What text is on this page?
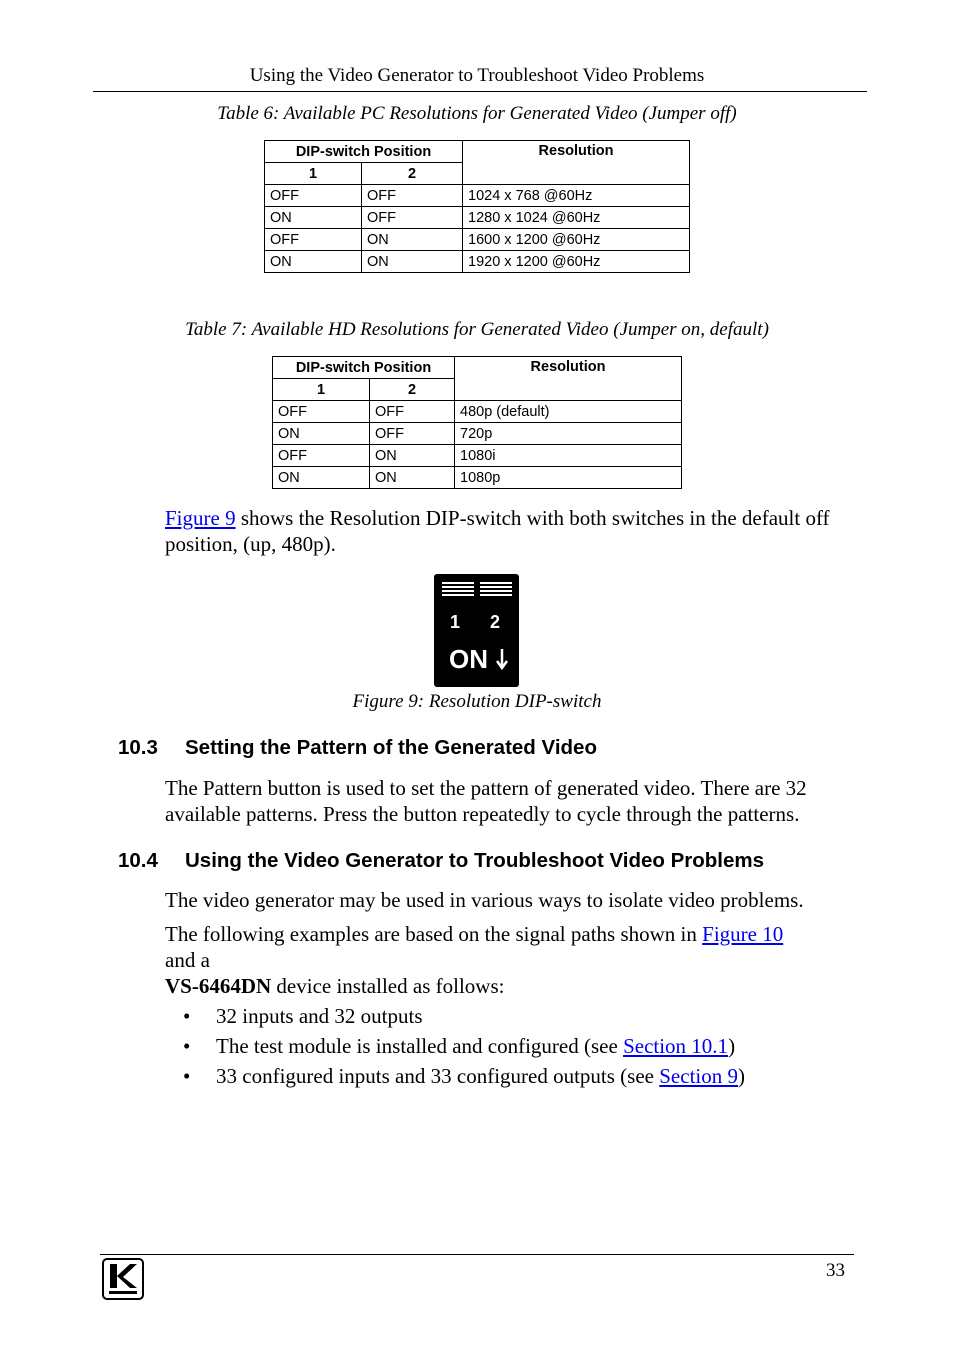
Using the Video Generator to Troubleshoot Video Problems
Table 6: Available PC Resolutions for Generated Video (Jumper off)
DIP-switch Position		Resolution
1	2	
OFF	OFF	1024 x 768 @60Hz
ON	OFF	1280 x 1024 @60Hz
OFF	ON	1600 x 1200 @60Hz
ON	ON	1920 x 1200 @60Hz
Table 7: Available HD Resolutions for Generated Video (Jumper on, default)
DIP-switch Position		Resolution
1	2	
OFF	OFF	480p (default)
ON	OFF	720p
OFF	ON	1080i
ON	ON	1080p
Figure 9 shows the Resolution DIP-switch with both switches in the default off position, (up, 480p).
1 2
ON
Figure 9: Resolution DIP-switch
10.3 Setting the Pattern of the Generated Video
The Pattern button is used to set the pattern of generated video. There are 32 available patterns. Press the button repeatedly to cycle through the patterns.
10.4 Using the Video Generator to Troubleshoot Video Problems
The video generator may be used in various ways to isolate video problems.
The following examples are based on the signal paths shown in Figure 10
and a
VS-6464DN device installed as follows:
• 32 inputs and 32 outputs
• The test module is installed and configured (see Section 10.1)
• 33 configured inputs and 33 configured outputs (see Section 9)
33
